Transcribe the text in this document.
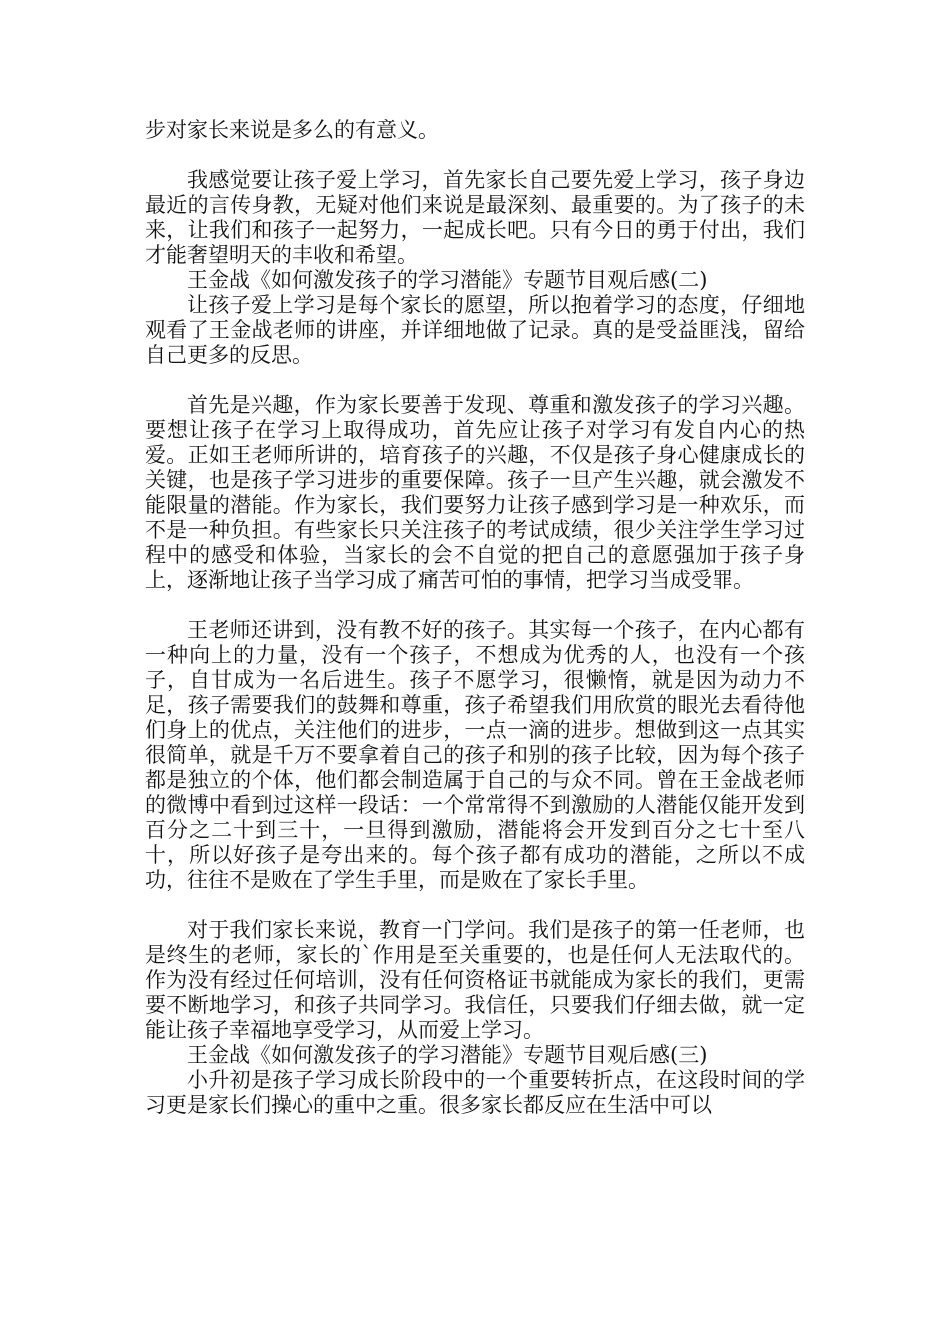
步对家长来说是多么的有意义。

我感觉要让孩子爱上学习，首先家长自己要先爱上学习，孩子身边最近的言传身教，无疑对他们来说是最深刻、最重要的。为了孩子的未来，让我们和孩子一起努力，一起成长吧。只有今日的勇于付出，我们才能奢望明天的丰收和希望。

王金战《如何激发孩子的学习潜能》专题节目观后感(二)

让孩子爱上学习是每个家长的愿望，所以抱着学习的态度，仔细地观看了王金战老师的讲座，并详细地做了记录。真的是受益匪浅，留给自己更多的反思。

首先是兴趣，作为家长要善于发现、尊重和激发孩子的学习兴趣。要想让孩子在学习上取得成功，首先应让孩子对学习有发自内心的热爱。正如王老师所讲的，培育孩子的兴趣，不仅是孩子身心健康成长的关键，也是孩子学习进步的重要保障。孩子一旦产生兴趣，就会激发不能限量的潜能。作为家长，我们要努力让孩子感到学习是一种欢乐，而不是一种负担。有些家长只关注孩子的考试成绩，很少关注学生学习过程中的感受和体验，当家长的会不自觉的把自己的意愿强加于孩子身上，逐渐地让孩子当学习成了痛苦可怕的事情，把学习当成受罪。

王老师还讲到，没有教不好的孩子。其实每一个孩子，在内心都有一种向上的力量，没有一个孩子，不想成为优秀的人，也没有一个孩子，自甘成为一名后进生。孩子不愿学习，很懒惰，就是因为动力不足，孩子需要我们的鼓舞和尊重，孩子希望我们用欣赏的眼光去看待他们身上的优点，关注他们的进步，一点一滴的进步。想做到这一点其实很简单，就是千万不要拿着自己的孩子和别的孩子比较，因为每个孩子都是独立的个体，他们都会制造属于自己的与众不同。曾在王金战老师的微博中看到过这样一段话：一个常常得不到激励的人潜能仅能开发到百分之二十到三十，一旦得到激励，潜能将会开发到百分之七十至八十，所以好孩子是夸出来的。每个孩子都有成功的潜能，之所以不成功，往往不是败在了学生手里，而是败在了家长手里。

对于我们家长来说，教育一门学问。我们是孩子的第一任老师，也是终生的老师，家长的`作用是至关重要的，也是任何人无法取代的。作为没有经过任何培训，没有任何资格证书就能成为家长的我们，更需要不断地学习，和孩子共同学习。我信任，只要我们仔细去做，就一定能让孩子幸福地享受学习，从而爱上学习。

王金战《如何激发孩子的学习潜能》专题节目观后感(三)

小升初是孩子学习成长阶段中的一个重要转折点，在这段时间的学习更是家长们操心的重中之重。很多家长都反应在生活中可以
